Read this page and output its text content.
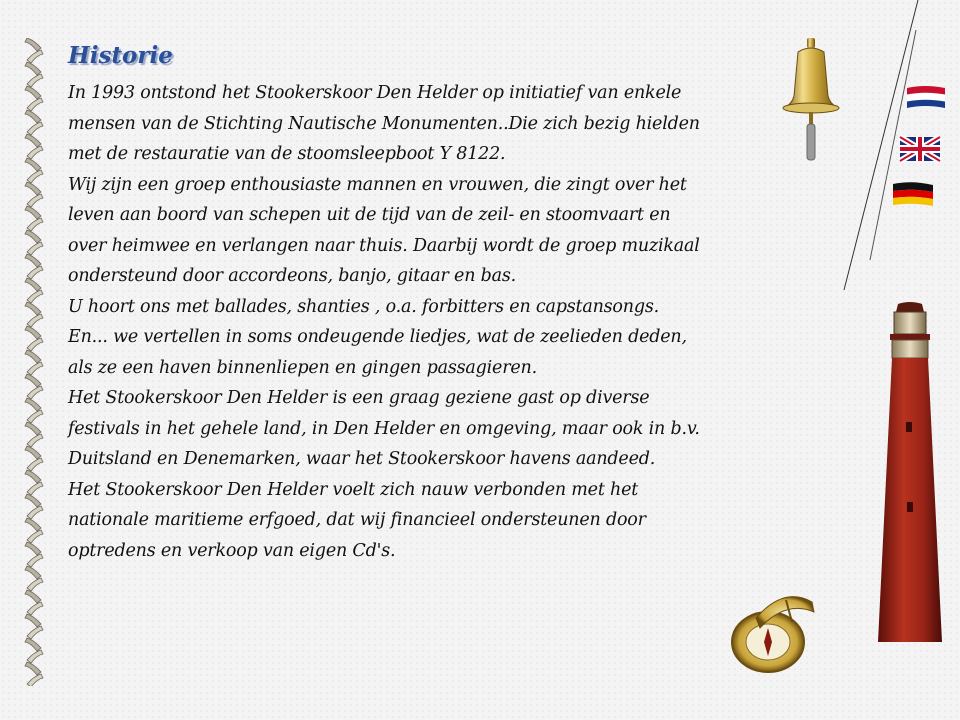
Historie
In 1993 ontstond het Stookerskoor Den Helder op initiatief van enkele
mensen van de Stichting Nautische Monumenten..Die zich bezig hielden
met de restauratie van de stoomsleepboot Y 8122.
Wij zijn een groep enthousiaste mannen en vrouwen, die zingt over het
leven aan boord van schepen uit de tijd van de zeil- en stoomvaart en
over heimwee en verlangen naar thuis. Daarbij wordt de groep muzikaal
ondersteund door accordeons, banjo, gitaar en bas.
U hoort ons met ballades, shanties , o.a. forbitters en capstansongs.
En... we vertellen in soms ondeugende liedjes, wat de zeelieden deden,
als ze een haven binnenliepen en gingen passagieren.
Het Stookerskoor Den Helder is een graag geziene gast op diverse
festivals in het gehele land, in Den Helder en omgeving, maar ook in b.v.
Duitsland en Denemarken, waar het Stookerskoor havens aandeed.
Het Stookerskoor Den Helder voelt zich nauw verbonden met het
nationale maritieme erfgoed, dat wij financieel ondersteunen door
optredens en verkoop van eigen Cd's.
